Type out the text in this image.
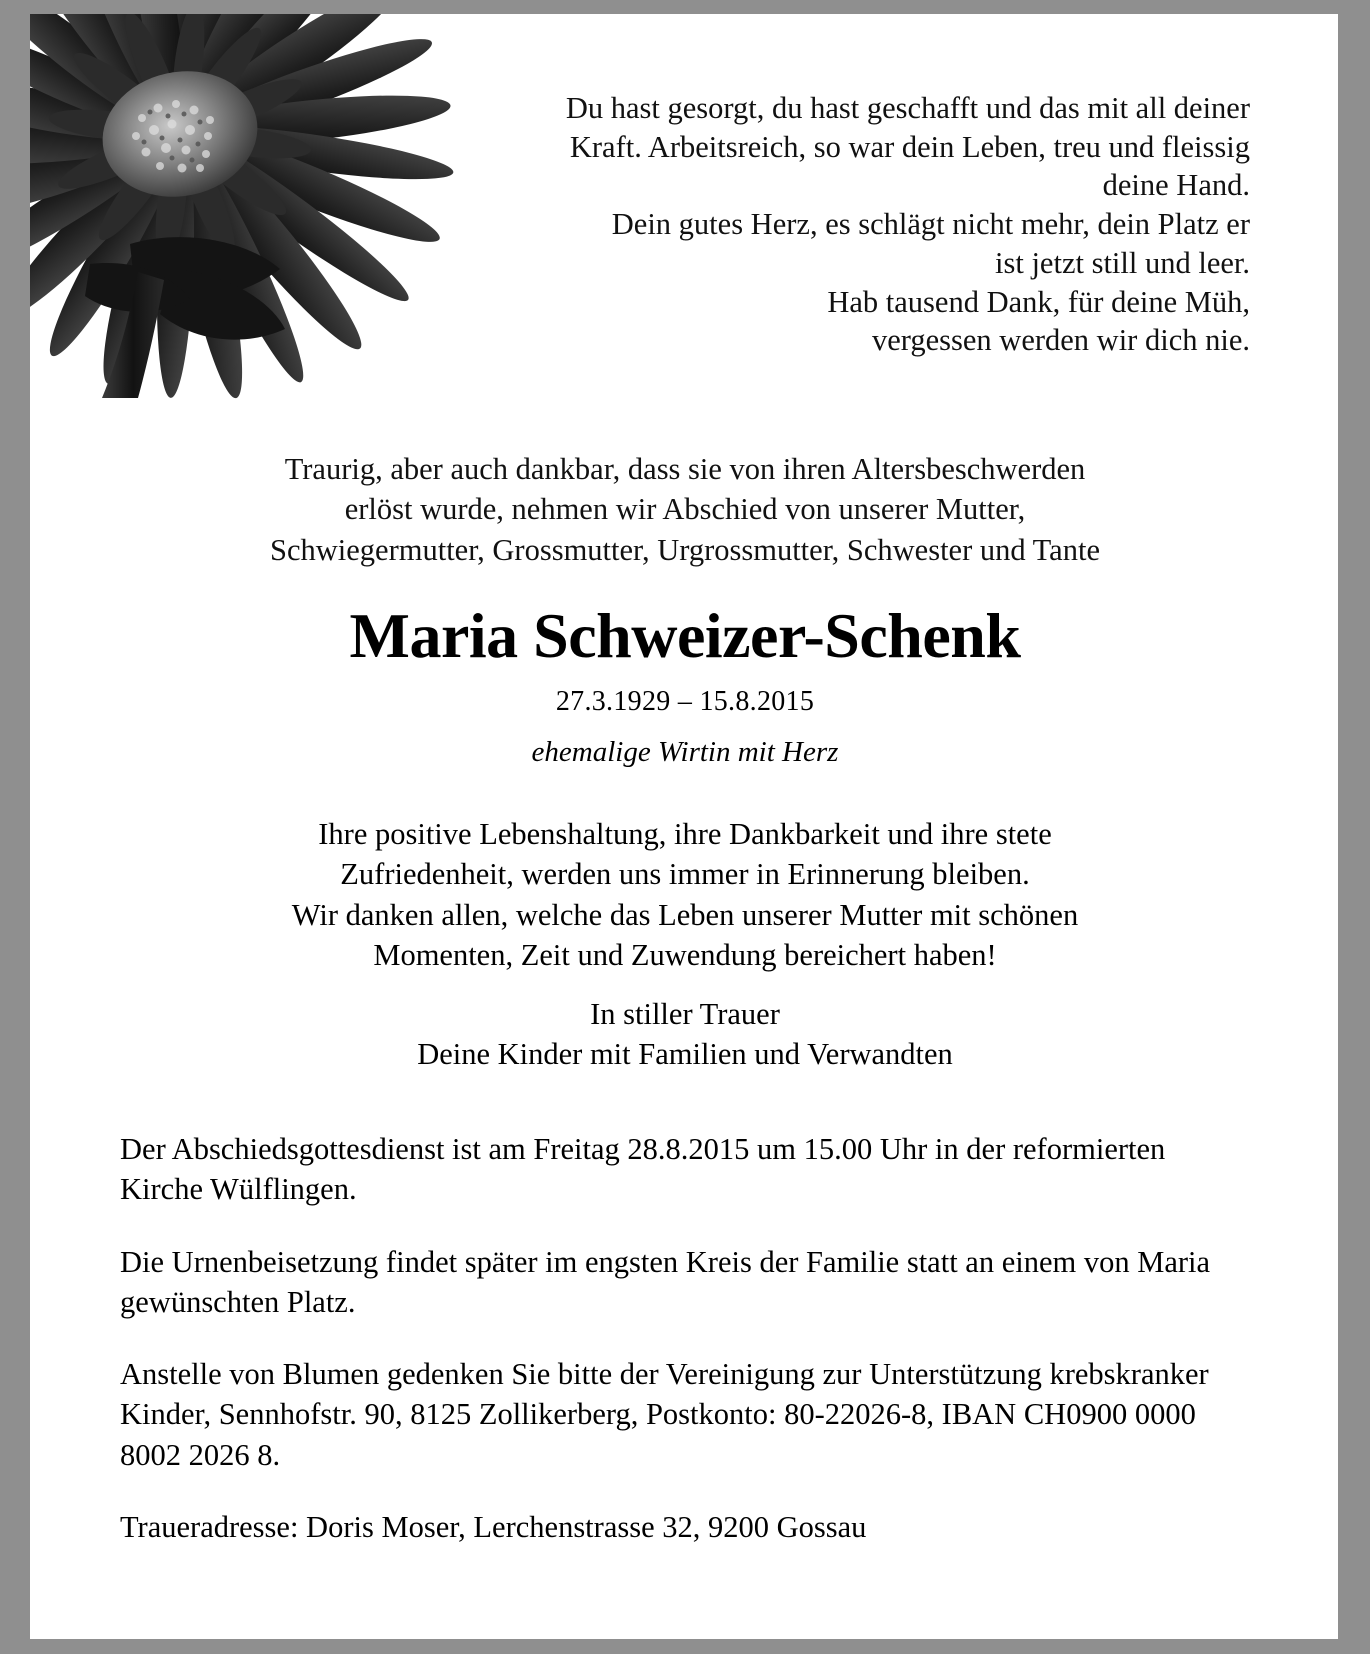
Du hast gesorgt, du hast geschafft und das mit all deiner
Kraft. Arbeitsreich, so war dein Leben, treu und fleissig
deine Hand.
Dein gutes Herz, es schlägt nicht mehr, dein Platz er
ist jetzt still und leer.
Hab tausend Dank, für deine Müh,
vergessen werden wir dich nie.
Traurig, aber auch dankbar, dass sie von ihren Altersbeschwerden
erlöst wurde, nehmen wir Abschied von unserer Mutter,
Schwiegermutter, Grossmutter, Urgrossmutter, Schwester und Tante
Maria Schweizer-Schenk
27.3.1929 – 15.8.2015
ehemalige Wirtin mit Herz
Ihre positive Lebenshaltung, ihre Dankbarkeit und ihre stete
Zufriedenheit, werden uns immer in Erinnerung bleiben.
Wir danken allen, welche das Leben unserer Mutter mit schönen
Momenten, Zeit und Zuwendung bereichert haben!
In stiller Trauer
Deine Kinder mit Familien und Verwandten

Der Abschiedsgottesdienst ist am Freitag 28.8.2015 um 15.00 Uhr in der reformierten Kirche Wülflingen.

Die Urnenbeisetzung findet später im engsten Kreis der Familie statt an einem von Maria gewünschten Platz.

Anstelle von Blumen gedenken Sie bitte der Vereinigung zur Unterstützung krebskranker Kinder, Sennhofstr. 90, 8125 Zollikerberg, Postkonto: 80-22026-8, IBAN CH0900 0000 8002 2026 8.

Traueradresse: Doris Moser, Lerchenstrasse 32, 9200 Gossau
